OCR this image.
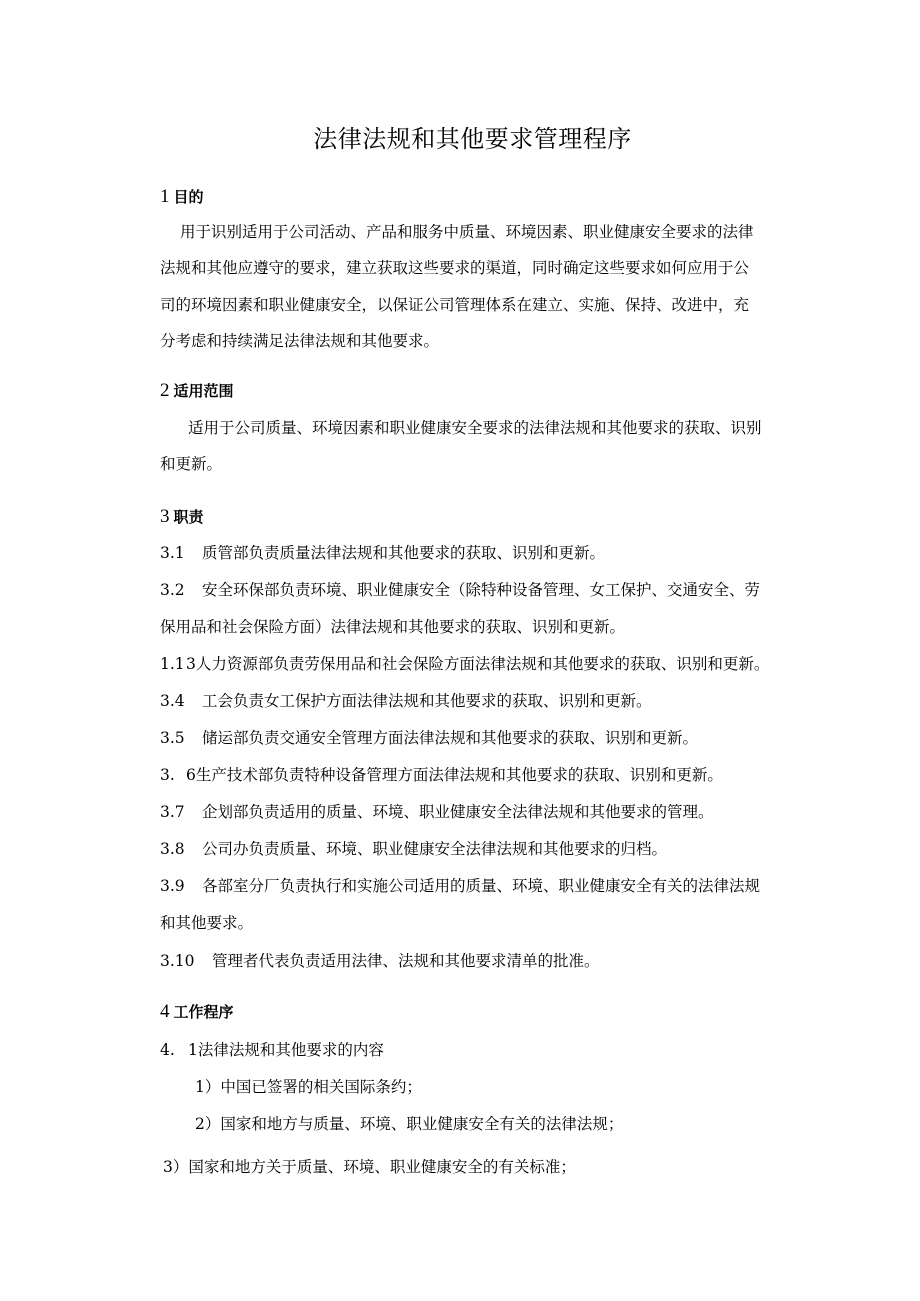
法律法规和其他要求管理程序
1 目的
用于识别适用于公司活动、产品和服务中质量、环境因素、职业健康安全要求的法律
法规和其他应遵守的要求，建立获取这些要求的渠道，同时确定这些要求如何应用于公
司的环境因素和职业健康安全，以保证公司管理体系在建立、实施、保持、改进中，充
分考虑和持续满足法律法规和其他要求。
2 适用范围
适用于公司质量、环境因素和职业健康安全要求的法律法规和其他要求的获取、识别
和更新。
3 职责
3.1 质管部负责质量法律法规和其他要求的获取、识别和更新。
3.2 安全环保部负责环境、职业健康安全（除特种设备管理、女工保护、交通安全、劳
保用品和社会保险方面）法律法规和其他要求的获取、识别和更新。
1.13人力资源部负责劳保用品和社会保险方面法律法规和其他要求的获取、识别和更新。
3.4 工会负责女工保护方面法律法规和其他要求的获取、识别和更新。
3.5 储运部负责交通安全管理方面法律法规和其他要求的获取、识别和更新。
3. 6生产技术部负责特种设备管理方面法律法规和其他要求的获取、识别和更新。
3.7 企划部负责适用的质量、环境、职业健康安全法律法规和其他要求的管理。
3.8 公司办负责质量、环境、职业健康安全法律法规和其他要求的归档。
3.9 各部室分厂负责执行和实施公司适用的质量、环境、职业健康安全有关的法律法规
和其他要求。
3.10 管理者代表负责适用法律、法规和其他要求清单的批准。
4 工作程序
4. 1法律法规和其他要求的内容
1）中国已签署的相关国际条约；
2）国家和地方与质量、环境、职业健康安全有关的法律法规；
3）国家和地方关于质量、环境、职业健康安全的有关标准；
